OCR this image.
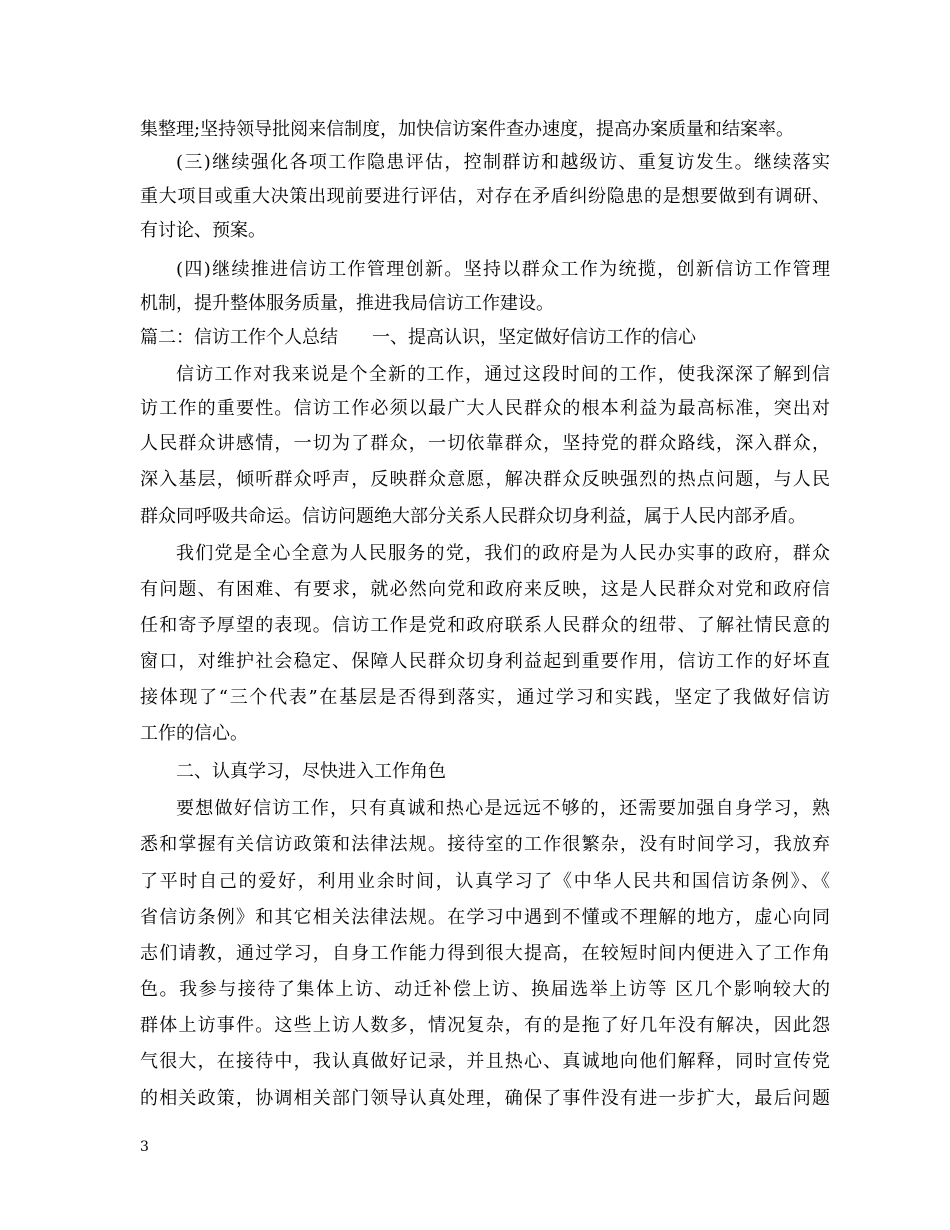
集整理;坚持领导批阅来信制度，加快信访案件查办速度，提高办案质量和结案率。
(三)继续强化各项工作隐患评估，控制群访和越级访、重复访发生。继续落实
重大项目或重大决策出现前要进行评估，对存在矛盾纠纷隐患的是想要做到有调研、
有讨论、预案。
(四)继续推进信访工作管理创新。坚持以群众工作为统揽，创新信访工作管理
机制，提升整体服务质量，推进我局信访工作建设。
篇二：信访工作个人总结 一、提高认识，坚定做好信访工作的信心
信访工作对我来说是个全新的工作，通过这段时间的工作，使我深深了解到信
访工作的重要性。信访工作必须以最广大人民群众的根本利益为最高标准，突出对
人民群众讲感情，一切为了群众，一切依靠群众，坚持党的群众路线，深入群众，
深入基层，倾听群众呼声，反映群众意愿，解决群众反映强烈的热点问题，与人民
群众同呼吸共命运。信访问题绝大部分关系人民群众切身利益，属于人民内部矛盾。
我们党是全心全意为人民服务的党，我们的政府是为人民办实事的政府，群众
有问题、有困难、有要求，就必然向党和政府来反映，这是人民群众对党和政府信
任和寄予厚望的表现。信访工作是党和政府联系人民群众的纽带、了解社情民意的
窗口，对维护社会稳定、保障人民群众切身利益起到重要作用，信访工作的好坏直
接体现了“三个代表”在基层是否得到落实，通过学习和实践，坚定了我做好信访
工作的信心。
二、认真学习，尽快进入工作角色
要想做好信访工作，只有真诚和热心是远远不够的，还需要加强自身学习，熟
悉和掌握有关信访政策和法律法规。接待室的工作很繁杂，没有时间学习，我放弃
了平时自己的爱好，利用业余时间，认真学习了《中华人民共和国信访条例》、《
省信访条例》和其它相关法律法规。在学习中遇到不懂或不理解的地方，虚心向同
志们请教，通过学习，自身工作能力得到很大提高，在较短时间内便进入了工作角
色。我参与接待了集体上访、动迁补偿上访、换届选举上访等 区几个影响较大的
群体上访事件。这些上访人数多，情况复杂，有的是拖了好几年没有解决，因此怨
气很大，在接待中，我认真做好记录，并且热心、真诚地向他们解释，同时宣传党
的相关政策，协调相关部门领导认真处理，确保了事件没有进一步扩大，最后问题
3
